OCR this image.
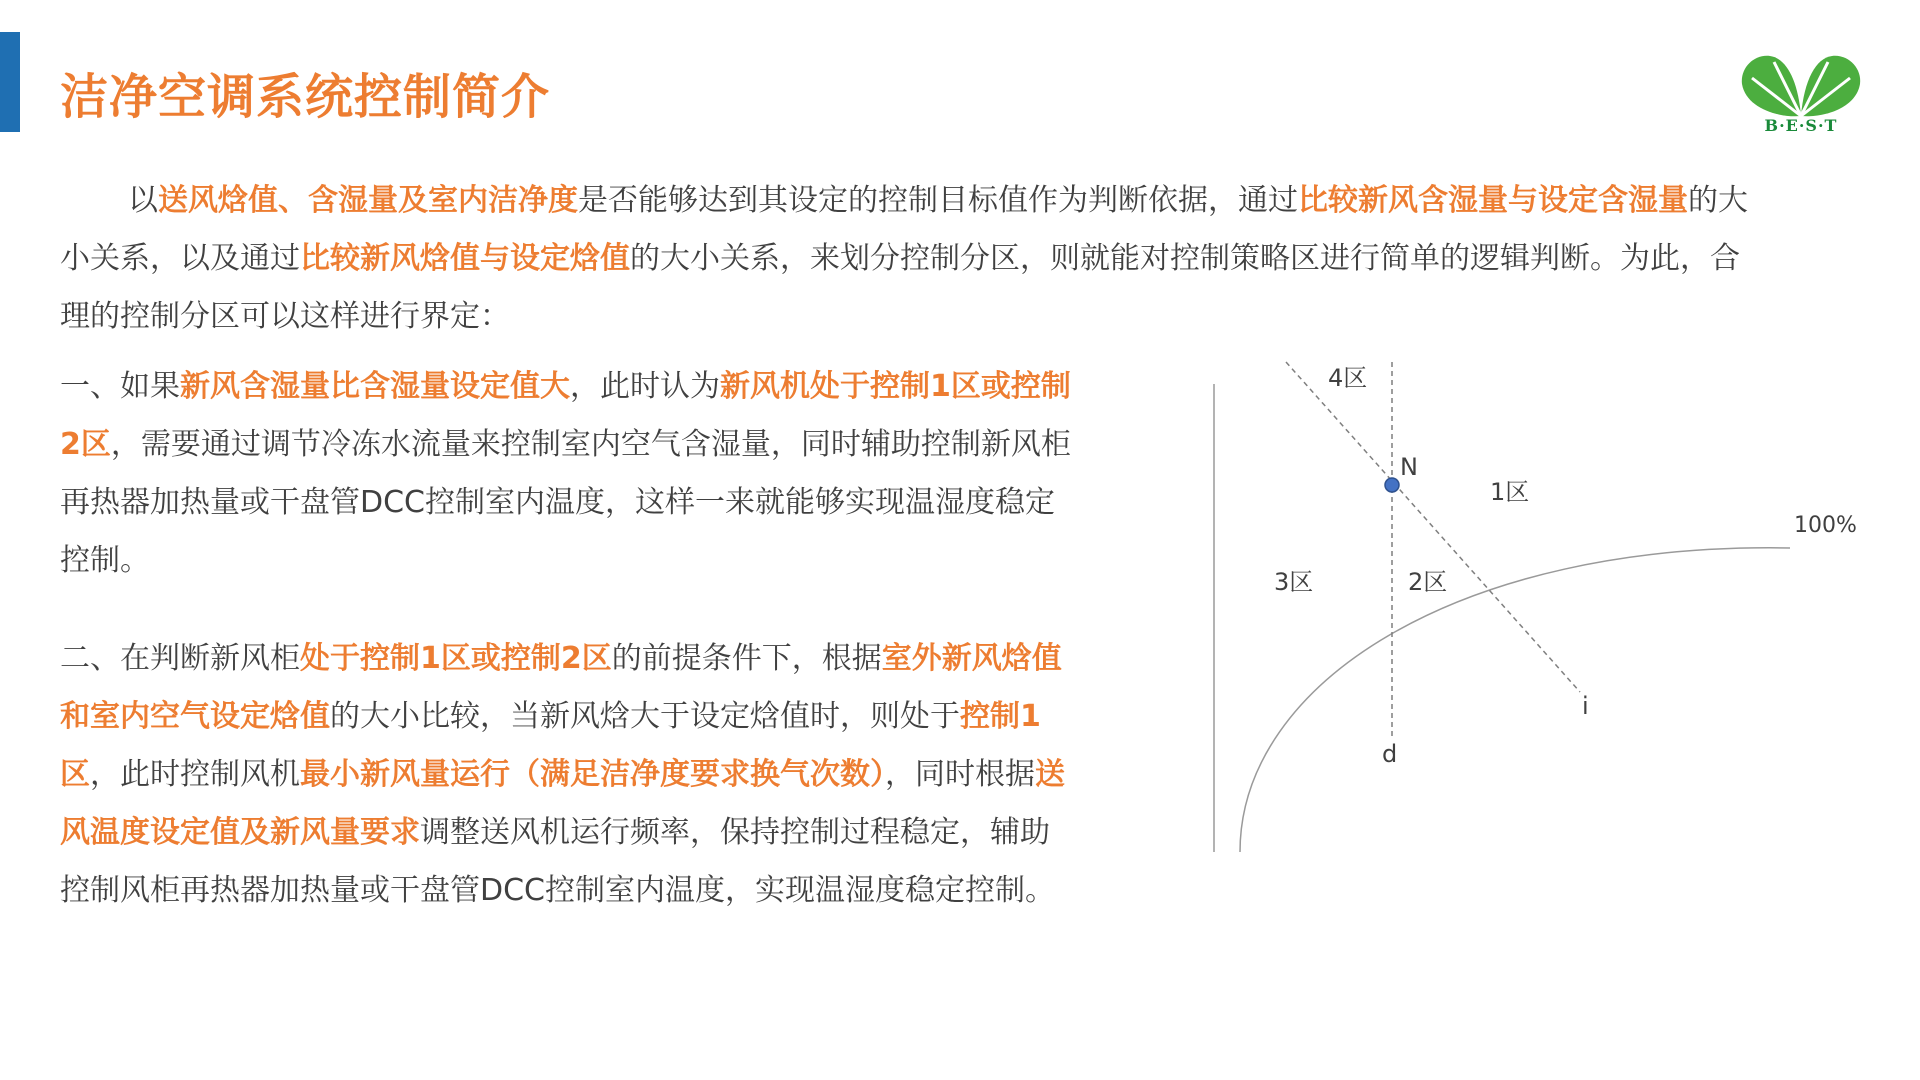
洁净空调系统控制简介
B·E·S·T
以送风焓值、含湿量及室内洁净度是否能够达到其设定的控制目标值作为判断依据，通过比较新风含湿量与设定含湿量的大小关系，以及通过比较新风焓值与设定焓值的大小关系，来划分控制分区，则就能对控制策略区进行简单的逻辑判断。为此，合理的控制分区可以这样进行界定：
一、如果新风含湿量比含湿量设定值大，此时认为新风机处于控制1区或控制2区，需要通过调节冷冻水流量来控制室内空气含湿量，同时辅助控制新风柜再热器加热量或干盘管DCC控制室内温度，这样一来就能够实现温湿度稳定控制。
二、在判断新风柜处于控制1区或控制2区的前提条件下，根据室外新风焓值和室内空气设定焓值的大小比较，当新风焓大于设定焓值时，则处于控制1区，此时控制风机最小新风量运行（满足洁净度要求换气次数），同时根据送风温度设定值及新风量要求调整送风机运行频率，保持控制过程稳定，辅助控制风柜再热器加热量或干盘管DCC控制室内温度，实现温湿度稳定控制。
4区
N
1区
100%
3区	2区
i
d
